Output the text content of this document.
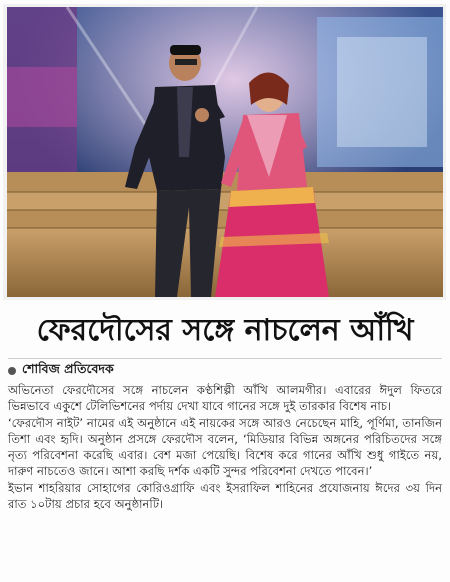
ফেরদৌসের সঙ্গে নাচলেন আঁখি
শোবিজ প্রতিবেদক

অভিনেতা ফেরদৌসের সঙ্গে নাচলেন কণ্ঠশিল্পী আঁখি আলমগীর। এবারের ঈদুল ফিতরে ভিন্নভাবে একুশে টেলিভিশনের পর্দায় দেখা যাবে গানের সঙ্গে দুই তারকার বিশেষ নাচ।

‘ফেরদৌস নাইট’ নামের এই অনুষ্ঠানে এই নায়কের সঙ্গে আরও নেচেছেন মাহি, পূর্ণিমা, তানজিন তিশা এবং হৃদি। অনুষ্ঠান প্রসঙ্গে ফেরদৌস বলেন, ‘মিডিয়ার বিভিন্ন অঙ্গনের পরিচিতদের সঙ্গে নৃত্য পরিবেশনা করেছি এবার। বেশ মজা পেয়েছি। বিশেষ করে গানের আঁখি শুধু গাইতে নয়, দারুণ নাচতেও জানে। আশা করছি দর্শক একটি সুন্দর পরিবেশনা দেখতে পাবেন।’

ইভান শাহরিয়ার সোহাগের কোরিওগ্রাফি এবং ইসরাফিল শাহিনের প্রযোজনায় ঈদের ৩য় দিন রাত ১০টায় প্রচার হবে অনুষ্ঠানটি।
